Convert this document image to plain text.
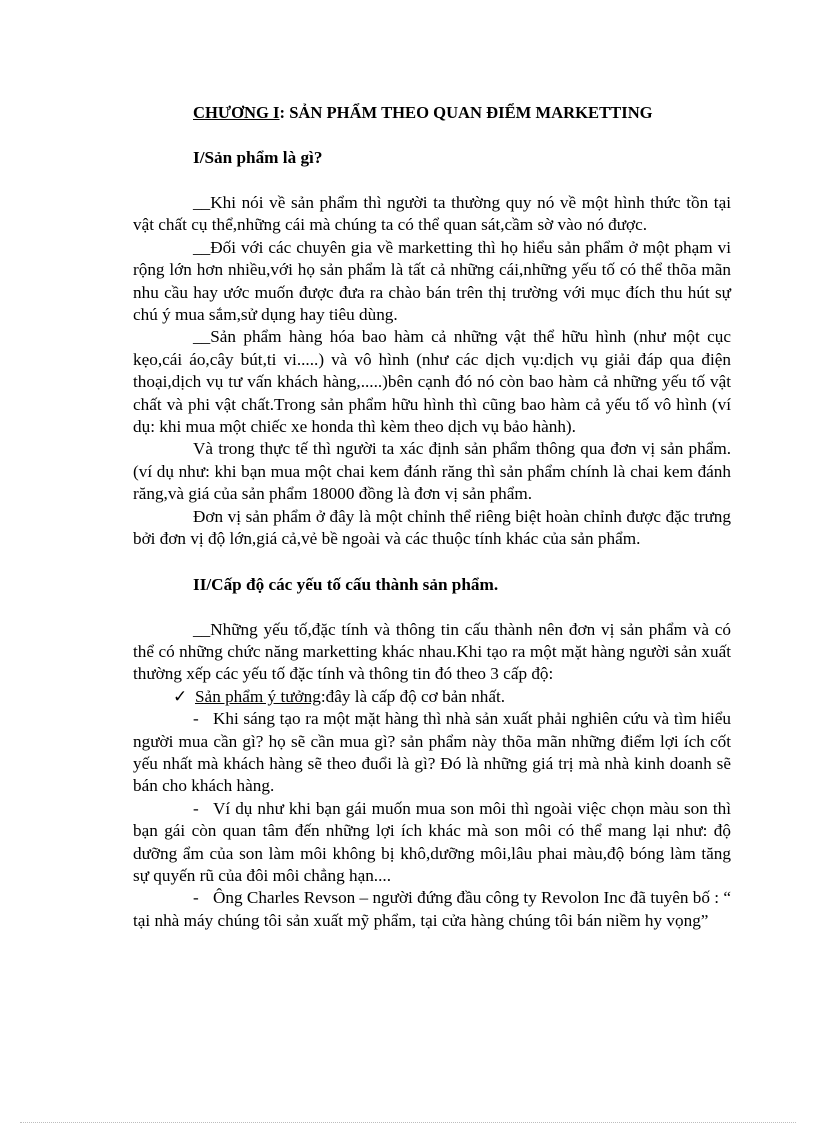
CHƯƠNG I: SẢN PHẨM THEO QUAN ĐIỂM MARKETTING
I/Sản phẩm là gì?

__Khi nói về sản phẩm thì người ta thường quy nó về một hình thức tồn tại vật chất cụ thể,những cái mà chúng ta có thể quan sát,cầm sờ vào nó được.

__Đối với các chuyên gia về marketting thì họ hiểu sản phẩm ở một phạm vi rộng lớn hơn nhiều,với họ sản phẩm là tất cả những cái,những yếu tố có thể thõa mãn nhu cầu hay ước muốn được đưa ra chào bán trên thị trường với mục đích thu hút sự chú ý mua sắm,sử dụng hay tiêu dùng.

__Sản phẩm hàng hóa bao hàm cả những vật thể hữu hình (như một cục kẹo,cái áo,cây bút,ti vi.....) và vô hình (như các dịch vụ:dịch vụ giải đáp qua điện thoại,dịch vụ tư vấn khách hàng,.....)bên cạnh đó nó còn bao hàm cả những yếu tố vật chất và phi vật chất.Trong sản phẩm hữu hình thì cũng bao hàm cả yếu tố vô hình (ví dụ: khi mua một chiếc xe honda thì kèm theo dịch vụ bảo hành).

Và trong thực tế thì người ta xác định sản phẩm thông qua đơn vị sản phẩm.(ví dụ như: khi bạn mua một chai kem đánh răng thì sản phẩm chính là chai kem đánh răng,và giá của sản phẩm 18000 đồng là đơn vị sản phẩm.

Đơn vị sản phẩm ở đây là một chỉnh thể riêng biệt hoàn chỉnh được đặc trưng bởi đơn vị độ lớn,giá cả,vẻ bề ngoài và các thuộc tính khác của sản phẩm.

II/Cấp độ các yếu tố cấu thành sản phẩm.

__Những yếu tố,đặc tính và thông tin cấu thành nên đơn vị sản phẩm và có thể có những chức năng marketting khác nhau.Khi tạo ra một mặt hàng người sản xuất thường xếp các yếu tố đặc tính và thông tin đó theo 3 cấp độ:

✓ Sản phẩm ý tưởng:đây là cấp độ cơ bản nhất.

- Khi sáng tạo ra một mặt hàng thì nhà sản xuất phải nghiên cứu và tìm hiểu người mua cần gì? họ sẽ cần mua gì? sản phẩm này thõa mãn những điểm lợi ích cốt yếu nhất mà khách hàng sẽ theo đuổi là gì? Đó là những giá trị mà nhà kinh doanh sẽ bán cho khách hàng.

- Ví dụ như khi bạn gái muốn mua son môi thì ngoài việc chọn màu son thì bạn gái còn quan tâm đến những lợi ích khác mà son môi có thể mang lại như: độ dưỡng ẩm của son làm môi không bị khô,dưỡng môi,lâu phai màu,độ bóng làm tăng sự quyến rũ của đôi môi chẳng hạn....

- Ông Charles Revson – người đứng đầu công ty Revolon Inc đã tuyên bố : “ tại nhà máy chúng tôi sản xuất mỹ phẩm, tại cửa hàng chúng tôi bán niềm hy vọng”
